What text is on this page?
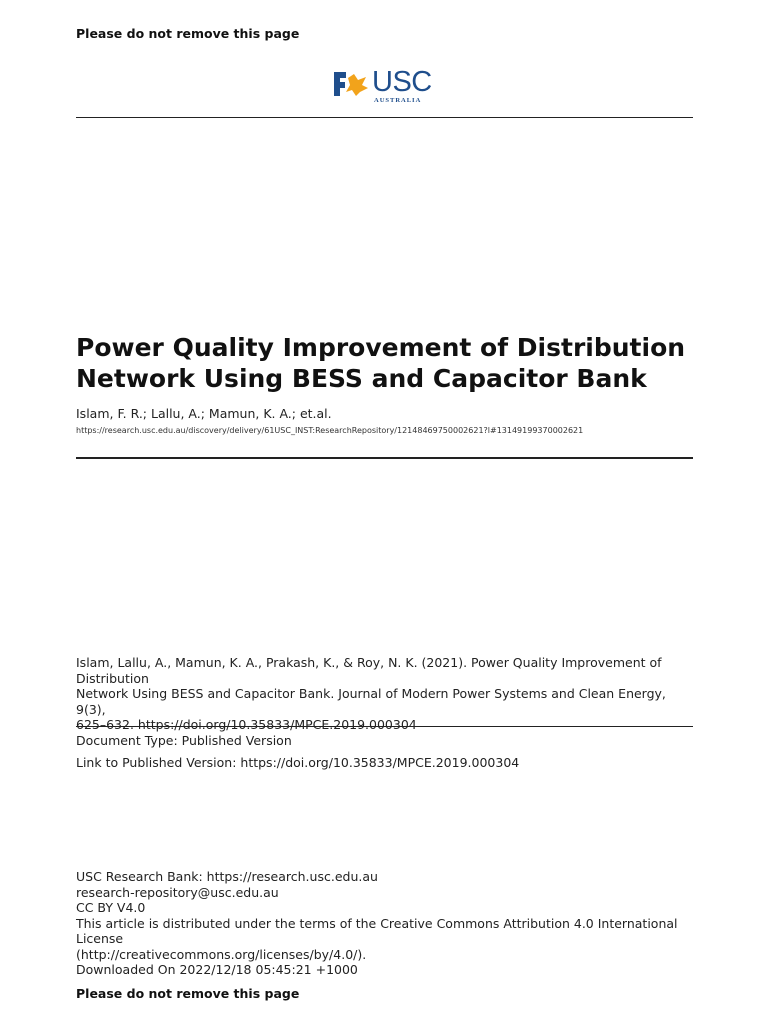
Please do not remove this page
USC
AUSTRALIA
Power Quality Improvement of Distribution
Network Using BESS and Capacitor Bank
Islam, F. R.; Lallu, A.; Mamun, K. A.; et.al.
https://research.usc.edu.au/discovery/delivery/61USC_INST:ResearchRepository/12148469750002621?l#13149199370002621
Islam, Lallu, A., Mamun, K. A., Prakash, K., & Roy, N. K. (2021). Power Quality Improvement of Distribution
Network Using BESS and Capacitor Bank. Journal of Modern Power Systems and Clean Energy, 9(3),
625–632. https://doi.org/10.35833/MPCE.2019.000304
Document Type: Published Version
Link to Published Version: https://doi.org/10.35833/MPCE.2019.000304
USC Research Bank: https://research.usc.edu.au
research-repository@usc.edu.au
CC BY V4.0
This article is distributed under the terms of the Creative Commons Attribution 4.0 International License
(http://creativecommons.org/licenses/by/4.0/).
Downloaded On 2022/12/18 05:45:21 +1000
Please do not remove this page
